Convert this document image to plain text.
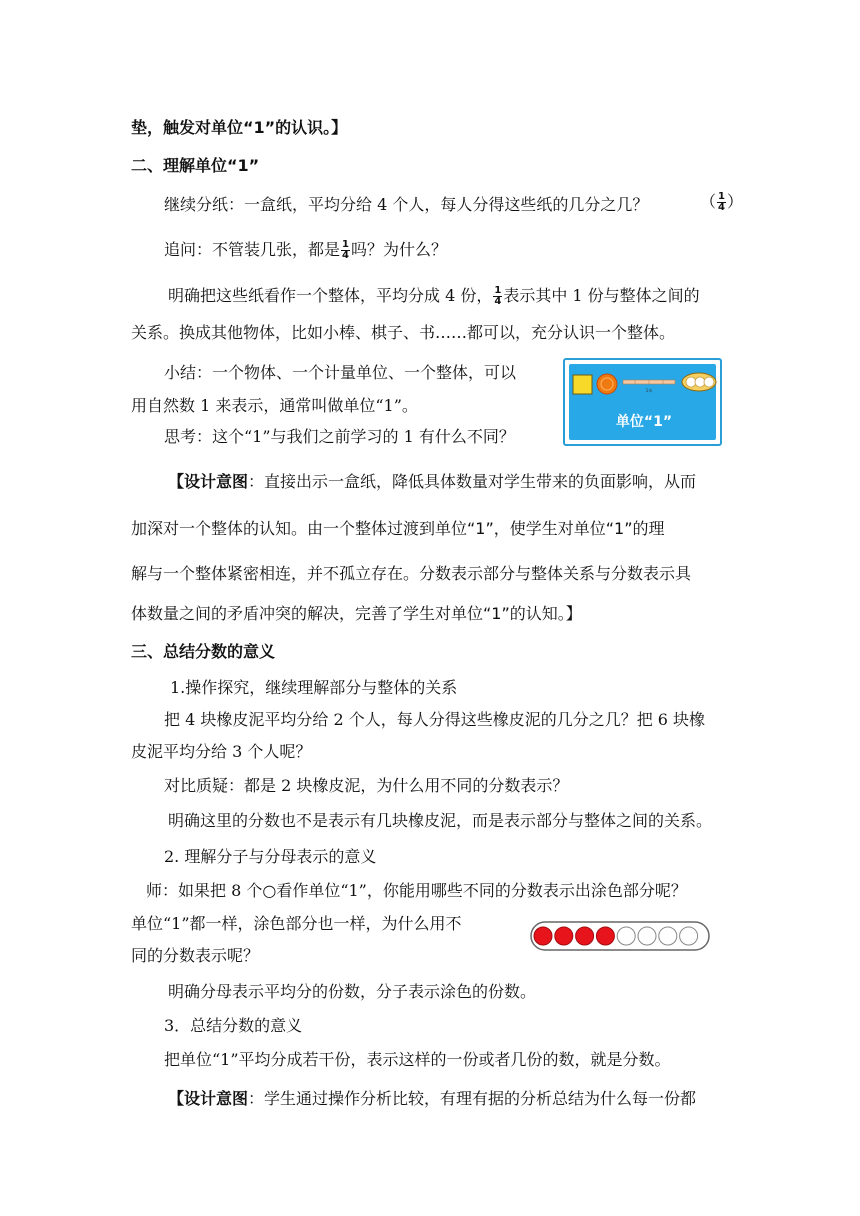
垫，触发对单位“1”的认识。】
二、理解单位“1”
继续分纸：一盒纸，平均分给 4 个人，每人分得这些纸的几分之几？	（ $\frac{1}{4}$ ）
追问：不管装几张，都是 $\frac{1}{4}$ 吗？为什么？
明确把这些纸看作一个整体，平均分成 4 份， $\frac{1}{4}$ 表示其中 1 份与整体之间的
关系。换成其他物体，比如小棒、棋子、书……都可以，充分认识一个整体。
小结：一个物体、一个计量单位、一个整体，可以
用自然数 1 来表示，通常叫做单位“1”。
思考：这个“1”与我们之前学习的 1 有什么不同？
1米
单位“1”
【设计意图：直接出示一盒纸，降低具体数量对学生带来的负面影响，从而
加深对一个整体的认知。由一个整体过渡到单位“1”，使学生对单位“1”的理
解与一个整体紧密相连，并不孤立存在。分数表示部分与整体关系与分数表示具
体数量之间的矛盾冲突的解决，完善了学生对单位“1”的认知。】
三、总结分数的意义
1.操作探究，继续理解部分与整体的关系
把 4 块橡皮泥平均分给 2 个人，每人分得这些橡皮泥的几分之几？把 6 块橡
皮泥平均分给 3 个人呢？
对比质疑：都是 2 块橡皮泥，为什么用不同的分数表示？
明确这里的分数也不是表示有几块橡皮泥，而是表示部分与整体之间的关系。
2. 理解分子与分母表示的意义
师：如果把 8 个○看作单位“1”，你能用哪些不同的分数表示出涂色部分呢？
单位“1”都一样，涂色部分也一样，为什么用不
同的分数表示呢？
明确分母表示平均分的份数，分子表示涂色的份数。
3．总结分数的意义
把单位“1”平均分成若干份，表示这样的一份或者几份的数，就是分数。
【设计意图：学生通过操作分析比较，有理有据的分析总结为什么每一份都
